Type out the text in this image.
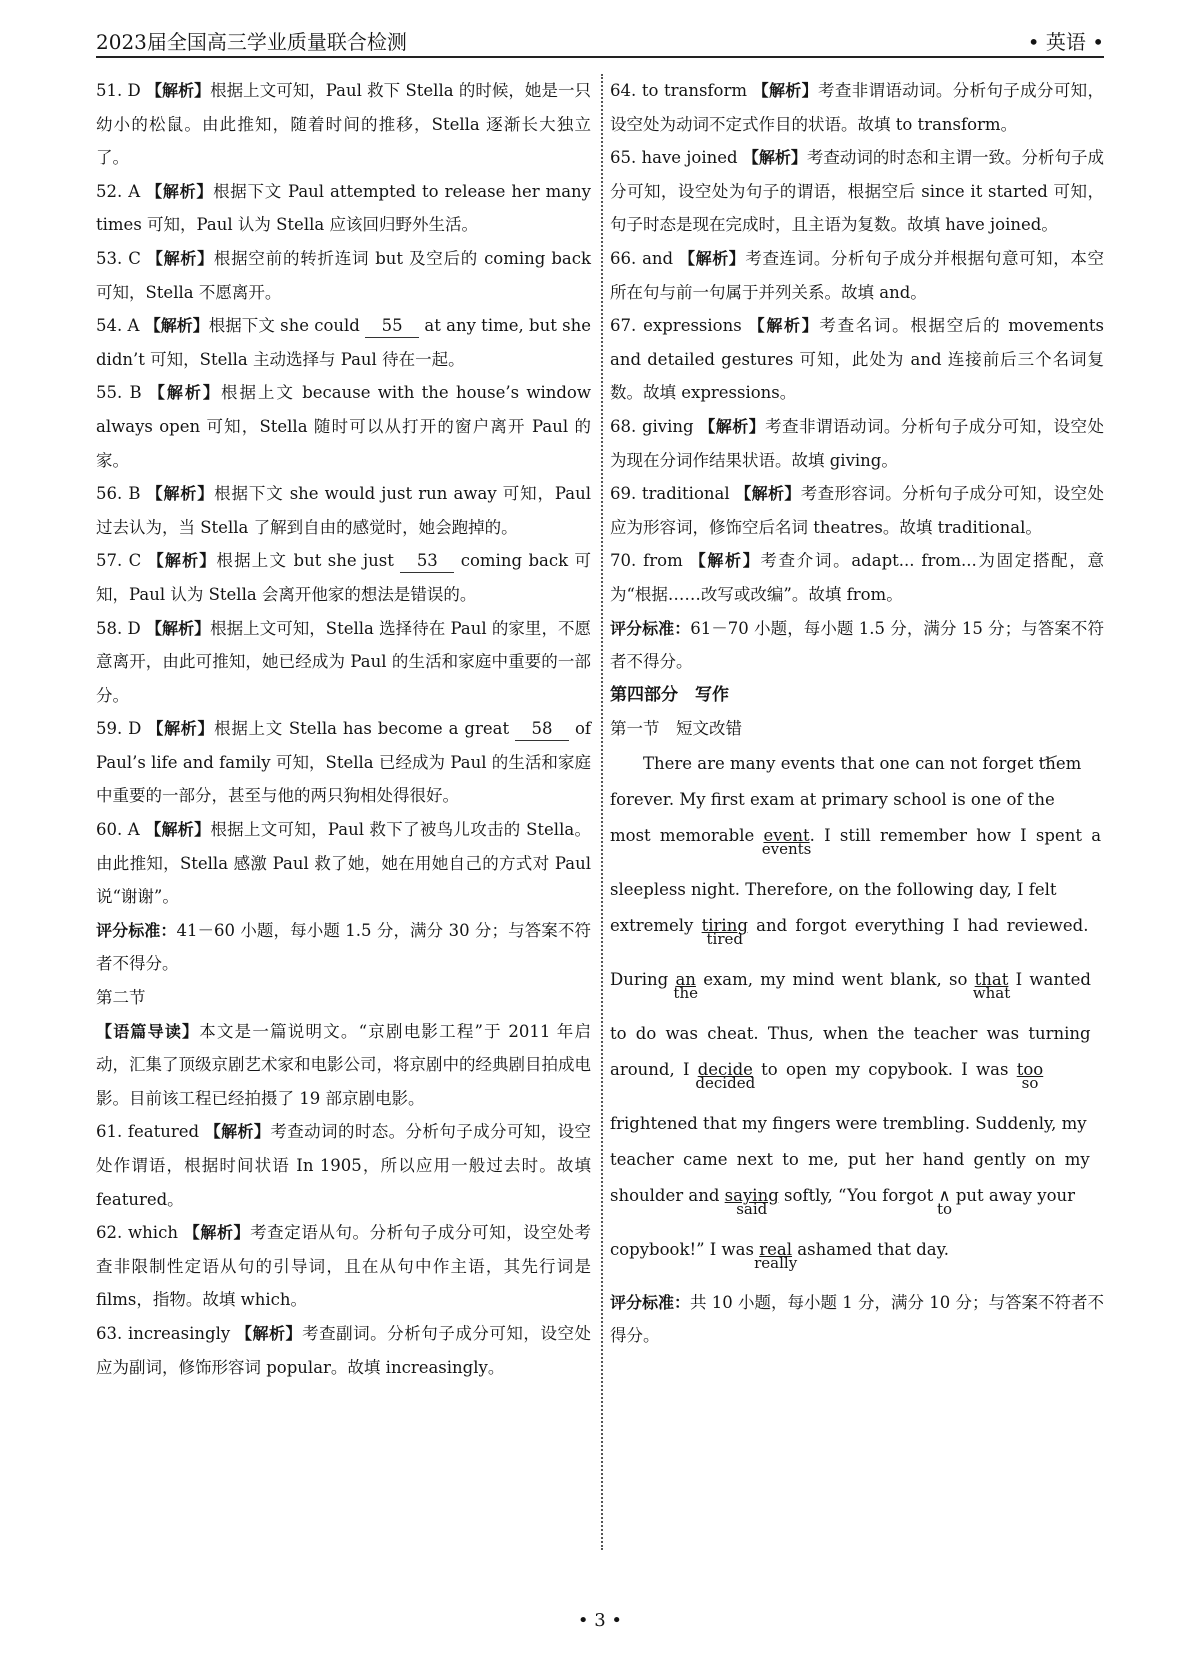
2023届全国高三学业质量联合检测	• 英语 •
51. D 【解析】根据上文可知，Paul 救下 Stella 的时候，她是一只幼小的松鼠。由此推知，随着时间的推移，Stella 逐渐长大独立了。
52. A 【解析】根据下文 Paul attempted to release her many times 可知，Paul 认为 Stella 应该回归野外生活。
53. C 【解析】根据空前的转折连词 but 及空后的 coming back 可知，Stella 不愿离开。
54. A 【解析】根据下文 she could 55 at any time, but she didn’t 可知，Stella 主动选择与 Paul 待在一起。
55. B 【解析】根据上文 because with the house’s window always open 可知，Stella 随时可以从打开的窗户离开 Paul 的家。
56. B 【解析】根据下文 she would just run away 可知，Paul 过去认为，当 Stella 了解到自由的感觉时，她会跑掉的。
57. C 【解析】根据上文 but she just 53 coming back 可知，Paul 认为 Stella 会离开他家的想法是错误的。
58. D 【解析】根据上文可知，Stella 选择待在 Paul 的家里，不愿意离开，由此可推知，她已经成为 Paul 的生活和家庭中重要的一部分。
59. D 【解析】根据上文 Stella has become a great 58 of Paul’s life and family 可知，Stella 已经成为 Paul 的生活和家庭中重要的一部分，甚至与他的两只狗相处得很好。
60. A 【解析】根据上文可知，Paul 救下了被鸟儿攻击的 Stella。由此推知，Stella 感激 Paul 救了她，她在用她自己的方式对 Paul 说“谢谢”。
评分标准：41－60 小题，每小题 1.5 分，满分 30 分；与答案不符者不得分。
第二节
【语篇导读】本文是一篇说明文。“京剧电影工程”于 2011 年启动，汇集了顶级京剧艺术家和电影公司，将京剧中的经典剧目拍成电影。目前该工程已经拍摄了 19 部京剧电影。
61. featured 【解析】考查动词的时态。分析句子成分可知，设空处作谓语，根据时间状语 In 1905，所以应用一般过去时。故填 featured。
62. which 【解析】考查定语从句。分析句子成分可知，设空处考查非限制性定语从句的引导词，且在从句中作主语，其先行词是 films，指物。故填 which。
63. increasingly 【解析】考查副词。分析句子成分可知，设空处应为副词，修饰形容词 popular。故填 increasingly。
64. to transform 【解析】考查非谓语动词。分析句子成分可知，设空处为动词不定式作目的状语。故填 to transform。
65. have joined 【解析】考查动词的时态和主谓一致。分析句子成分可知，设空处为句子的谓语，根据空后 since it started 可知，句子时态是现在完成时，且主语为复数。故填 have joined。
66. and 【解析】考查连词。分析句子成分并根据句意可知，本空所在句与前一句属于并列关系。故填 and。
67. expressions 【解析】考查名词。根据空后的 movements and detailed gestures 可知，此处为 and 连接前后三个名词复数。故填 expressions。
68. giving 【解析】考查非谓语动词。分析句子成分可知，设空处为现在分词作结果状语。故填 giving。
69. traditional 【解析】考查形容词。分析句子成分可知，设空处应为形容词，修饰空后名词 theatres。故填 traditional。
70. from 【解析】考查介词。adapt... from...为固定搭配，意为“根据……改写或改编”。故填 from。
评分标准：61－70 小题，每小题 1.5 分，满分 15 分；与答案不符者不得分。
第四部分　写作
第一节　短文改错

There are many events that one can not forget them

forever. My first exam at primary school is one of the

most memorable event
events
. I still remember how I spent a

sleepless night. Therefore, on the following day, I felt

extremely tiring
tired
and forgot everything I had reviewed.

During an
the
exam, my mind went blank, so that
what
I wanted

to do was cheat. Thus, when the teacher was turning

around, I decide
decided
to open my copybook. I was too
so

frightened that my fingers were trembling. Suddenly, my

teacher came next to me, put her hand gently on my

shoulder and saying
said
softly, “You forgot ∧
to
put away your

copybook!” I was real
really
ashamed that day.

评分标准：共 10 小题，每小题 1 分，满分 10 分；与答案不符者不得分。
• 3 •
